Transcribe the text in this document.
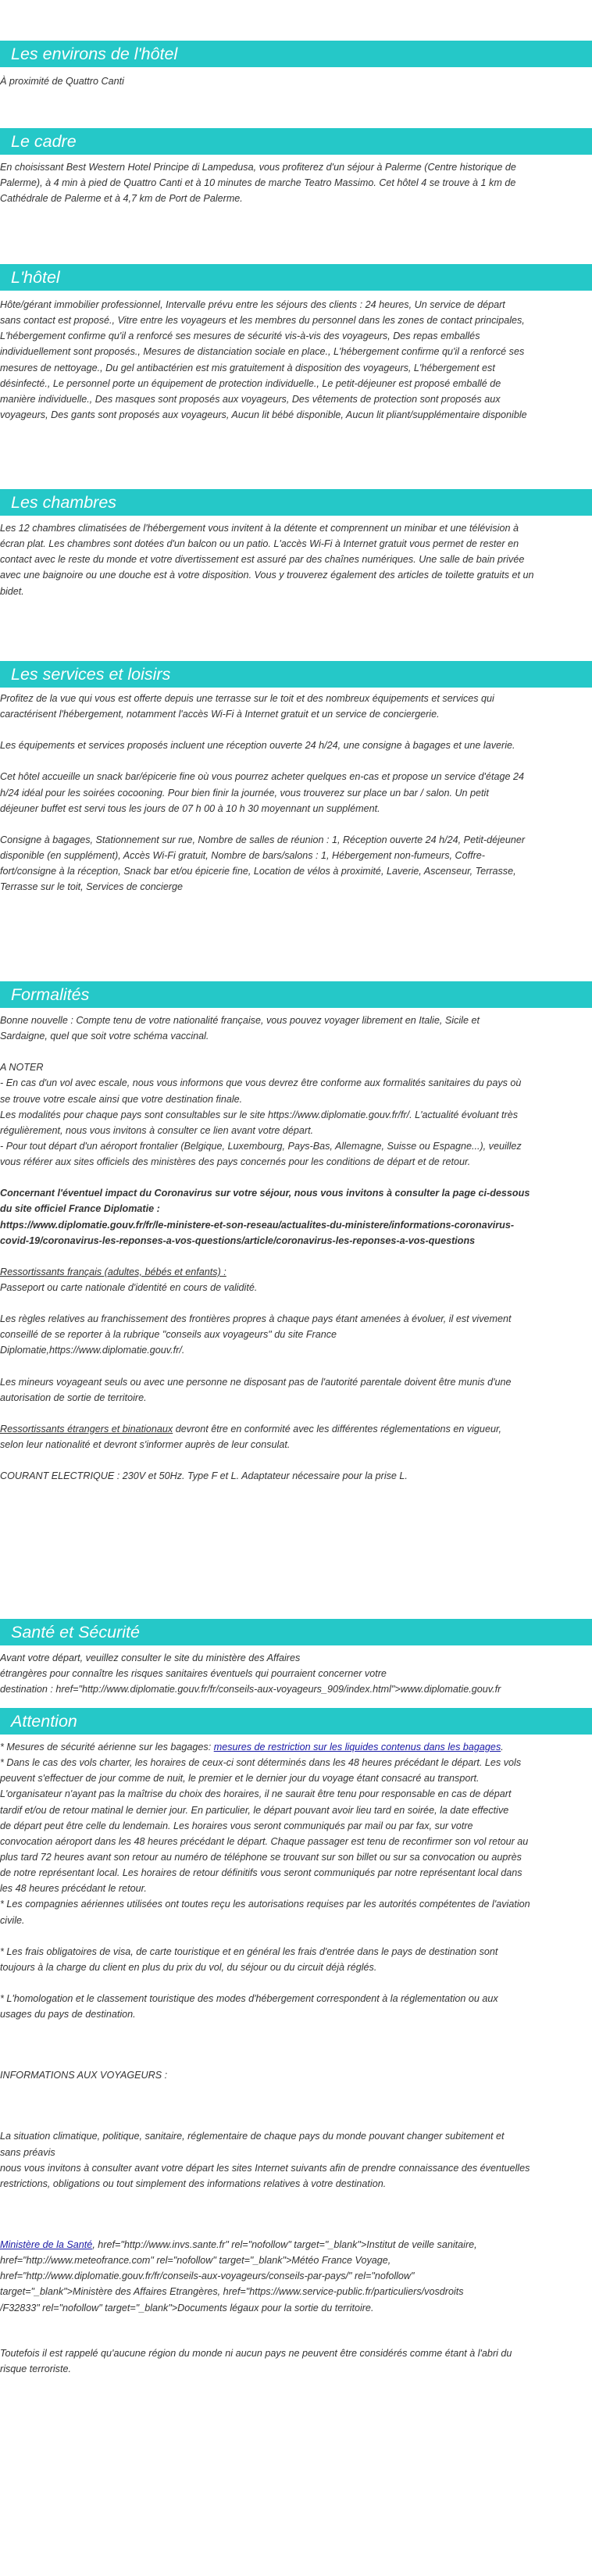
Les environs de l'hôtel

À proximité de Quattro Canti

Le cadre

En choisissant Best Western Hotel Principe di Lampedusa, vous profiterez d'un séjour à Palerme (Centre historique de

Palerme), à 4 min à pied de Quattro Canti et à 10 minutes de marche Teatro Massimo. Cet hôtel 4 se trouve à 1 km de

Cathédrale de Palerme et à 4,7 km de Port de Palerme.

L'hôtel

Hôte/gérant immobilier professionnel, Intervalle prévu entre les séjours des clients : 24 heures, Un service de départ

sans contact est proposé., Vitre entre les voyageurs et les membres du personnel dans les zones de contact principales,

L'hébergement confirme qu'il a renforcé ses mesures de sécurité vis-à-vis des voyageurs, Des repas emballés

individuellement sont proposés., Mesures de distanciation sociale en place., L'hébergement confirme qu'il a renforcé ses

mesures de nettoyage., Du gel antibactérien est mis gratuitement à disposition des voyageurs, L'hébergement est

désinfecté., Le personnel porte un équipement de protection individuelle., Le petit-déjeuner est proposé emballé de

manière individuelle., Des masques sont proposés aux voyageurs, Des vêtements de protection sont proposés aux

voyageurs, Des gants sont proposés aux voyageurs, Aucun lit bébé disponible, Aucun lit pliant/supplémentaire disponible

Les chambres

Les 12 chambres climatisées de l'hébergement vous invitent à la détente et comprennent un minibar et une télévision à

écran plat. Les chambres sont dotées d'un balcon ou un patio. L'accès Wi-Fi à Internet gratuit vous permet de rester en

contact avec le reste du monde et votre divertissement est assuré par des chaînes numériques. Une salle de bain privée

avec une baignoire ou une douche est à votre disposition. Vous y trouverez également des articles de toilette gratuits et un

bidet.

Les services et loisirs

Profitez de la vue qui vous est offerte depuis une terrasse sur le toit et des nombreux équipements et services qui

caractérisent l'hébergement, notamment l'accès Wi-Fi à Internet gratuit et un service de conciergerie.

Les équipements et services proposés incluent une réception ouverte 24 h/24, une consigne à bagages et une laverie.

Cet hôtel accueille un snack bar/épicerie fine où vous pourrez acheter quelques en-cas et propose un service d'étage 24

h/24 idéal pour les soirées cocooning. Pour bien finir la journée, vous trouverez sur place un bar / salon. Un petit

déjeuner buffet est servi tous les jours de 07 h 00 à 10 h 30 moyennant un supplément.

Consigne à bagages, Stationnement sur rue, Nombre de salles de réunion : 1, Réception ouverte 24 h/24, Petit-déjeuner

disponible (en supplément), Accès Wi-Fi gratuit, Nombre de bars/salons : 1, Hébergement non-fumeurs, Coffre-

fort/consigne à la réception, Snack bar et/ou épicerie fine, Location de vélos à proximité, Laverie, Ascenseur, Terrasse,

Terrasse sur le toit, Services de concierge

Formalités

Bonne nouvelle : Compte tenu de votre nationalité française, vous pouvez voyager librement en Italie, Sicile et

Sardaigne, quel que soit votre schéma vaccinal.

A NOTER

- En cas d'un vol avec escale, nous vous informons que vous devrez être conforme aux formalités sanitaires du pays où

se trouve votre escale ainsi que votre destination finale.

Les modalités pour chaque pays sont consultables sur le site https://www.diplomatie.gouv.fr/fr/. L'actualité évoluant très

régulièrement, nous vous invitons à consulter ce lien avant votre départ.

- Pour tout départ d'un aéroport frontalier (Belgique, Luxembourg, Pays-Bas, Allemagne, Suisse ou Espagne...), veuillez

vous référer aux sites officiels des ministères des pays concernés pour les conditions de départ et de retour.

Concernant l'éventuel impact du Coronavirus sur votre séjour, nous vous invitons à consulter la page ci-dessous

du site officiel France Diplomatie :

https://www.diplomatie.gouv.fr/fr/le-ministere-et-son-reseau/actualites-du-ministere/informations-coronavirus-

covid-19/coronavirus-les-reponses-a-vos-questions/article/coronavirus-les-reponses-a-vos-questions

Ressortissants français (adultes, bébés et enfants) :

Passeport ou carte nationale d'identité en cours de validité.

Les règles relatives au franchissement des frontières propres à chaque pays étant amenées à évoluer, il est vivement

conseillé de se reporter à la rubrique "conseils aux voyageurs" du site France

Diplomatie,https://www.diplomatie.gouv.fr/.

Les mineurs voyageant seuls ou avec une personne ne disposant pas de l'autorité parentale doivent être munis d'une

autorisation de sortie de territoire.

Ressortissants étrangers et binationaux devront être en conformité avec les différentes réglementations en vigueur,

selon leur nationalité et devront s'informer auprès de leur consulat.

COURANT ELECTRIQUE : 230V et 50Hz. Type F et L. Adaptateur nécessaire pour la prise L.

Santé et Sécurité

Avant votre départ, veuillez consulter le site du ministère des Affaires

étrangères pour connaître les risques sanitaires éventuels qui pourraient concerner votre

destination : href="http://www.diplomatie.gouv.fr/fr/conseils-aux-voyageurs_909/index.html">www.diplomatie.gouv.fr

Attention

* Mesures de sécurité aérienne sur les bagages: mesures de restriction sur les liquides contenus dans les bagages.

* Dans le cas des vols charter, les horaires de ceux-ci sont déterminés dans les 48 heures précédant le départ. Les vols

peuvent s'effectuer de jour comme de nuit, le premier et le dernier jour du voyage étant consacré au transport.

L'organisateur n'ayant pas la maîtrise du choix des horaires, il ne saurait être tenu pour responsable en cas de départ

tardif et/ou de retour matinal le dernier jour. En particulier, le départ pouvant avoir lieu tard en soirée, la date effective

de départ peut être celle du lendemain. Les horaires vous seront communiqués par mail ou par fax, sur votre

convocation aéroport dans les 48 heures précédant le départ. Chaque passager est tenu de reconfirmer son vol retour au

plus tard 72 heures avant son retour au numéro de téléphone se trouvant sur son billet ou sur sa convocation ou auprès

de notre représentant local. Les horaires de retour définitifs vous seront communiqués par notre représentant local dans

les 48 heures précédant le retour.

* Les compagnies aériennes utilisées ont toutes reçu les autorisations requises par les autorités compétentes de l'aviation

civile.

* Les frais obligatoires de visa, de carte touristique et en général les frais d'entrée dans le pays de destination sont

toujours à la charge du client en plus du prix du vol, du séjour ou du circuit déjà réglés.

* L'homologation et le classement touristique des modes d'hébergement correspondent à la réglementation ou aux

usages du pays de destination.

INFORMATIONS AUX VOYAGEURS :

La situation climatique, politique, sanitaire, réglementaire de chaque pays du monde pouvant changer subitement et

sans préavis

nous vous invitons à consulter avant votre départ les sites Internet suivants afin de prendre connaissance des éventuelles

restrictions, obligations ou tout simplement des informations relatives à votre destination.

Ministère de la Santé, href="http://www.invs.sante.fr" rel="nofollow" target="_blank">Institut de veille sanitaire,

href="http://www.meteofrance.com" rel="nofollow" target="_blank">Météo France Voyage,

href="http://www.diplomatie.gouv.fr/fr/conseils-aux-voyageurs/conseils-par-pays/" rel="nofollow"

target="_blank">Ministère des Affaires Etrangères, href="https://www.service-public.fr/particuliers/vosdroits

/F32833" rel="nofollow" target="_blank">Documents légaux pour la sortie du territoire.

Toutefois il est rappelé qu'aucune région du monde ni aucun pays ne peuvent être considérés comme étant à l'abri du

risque terroriste.
